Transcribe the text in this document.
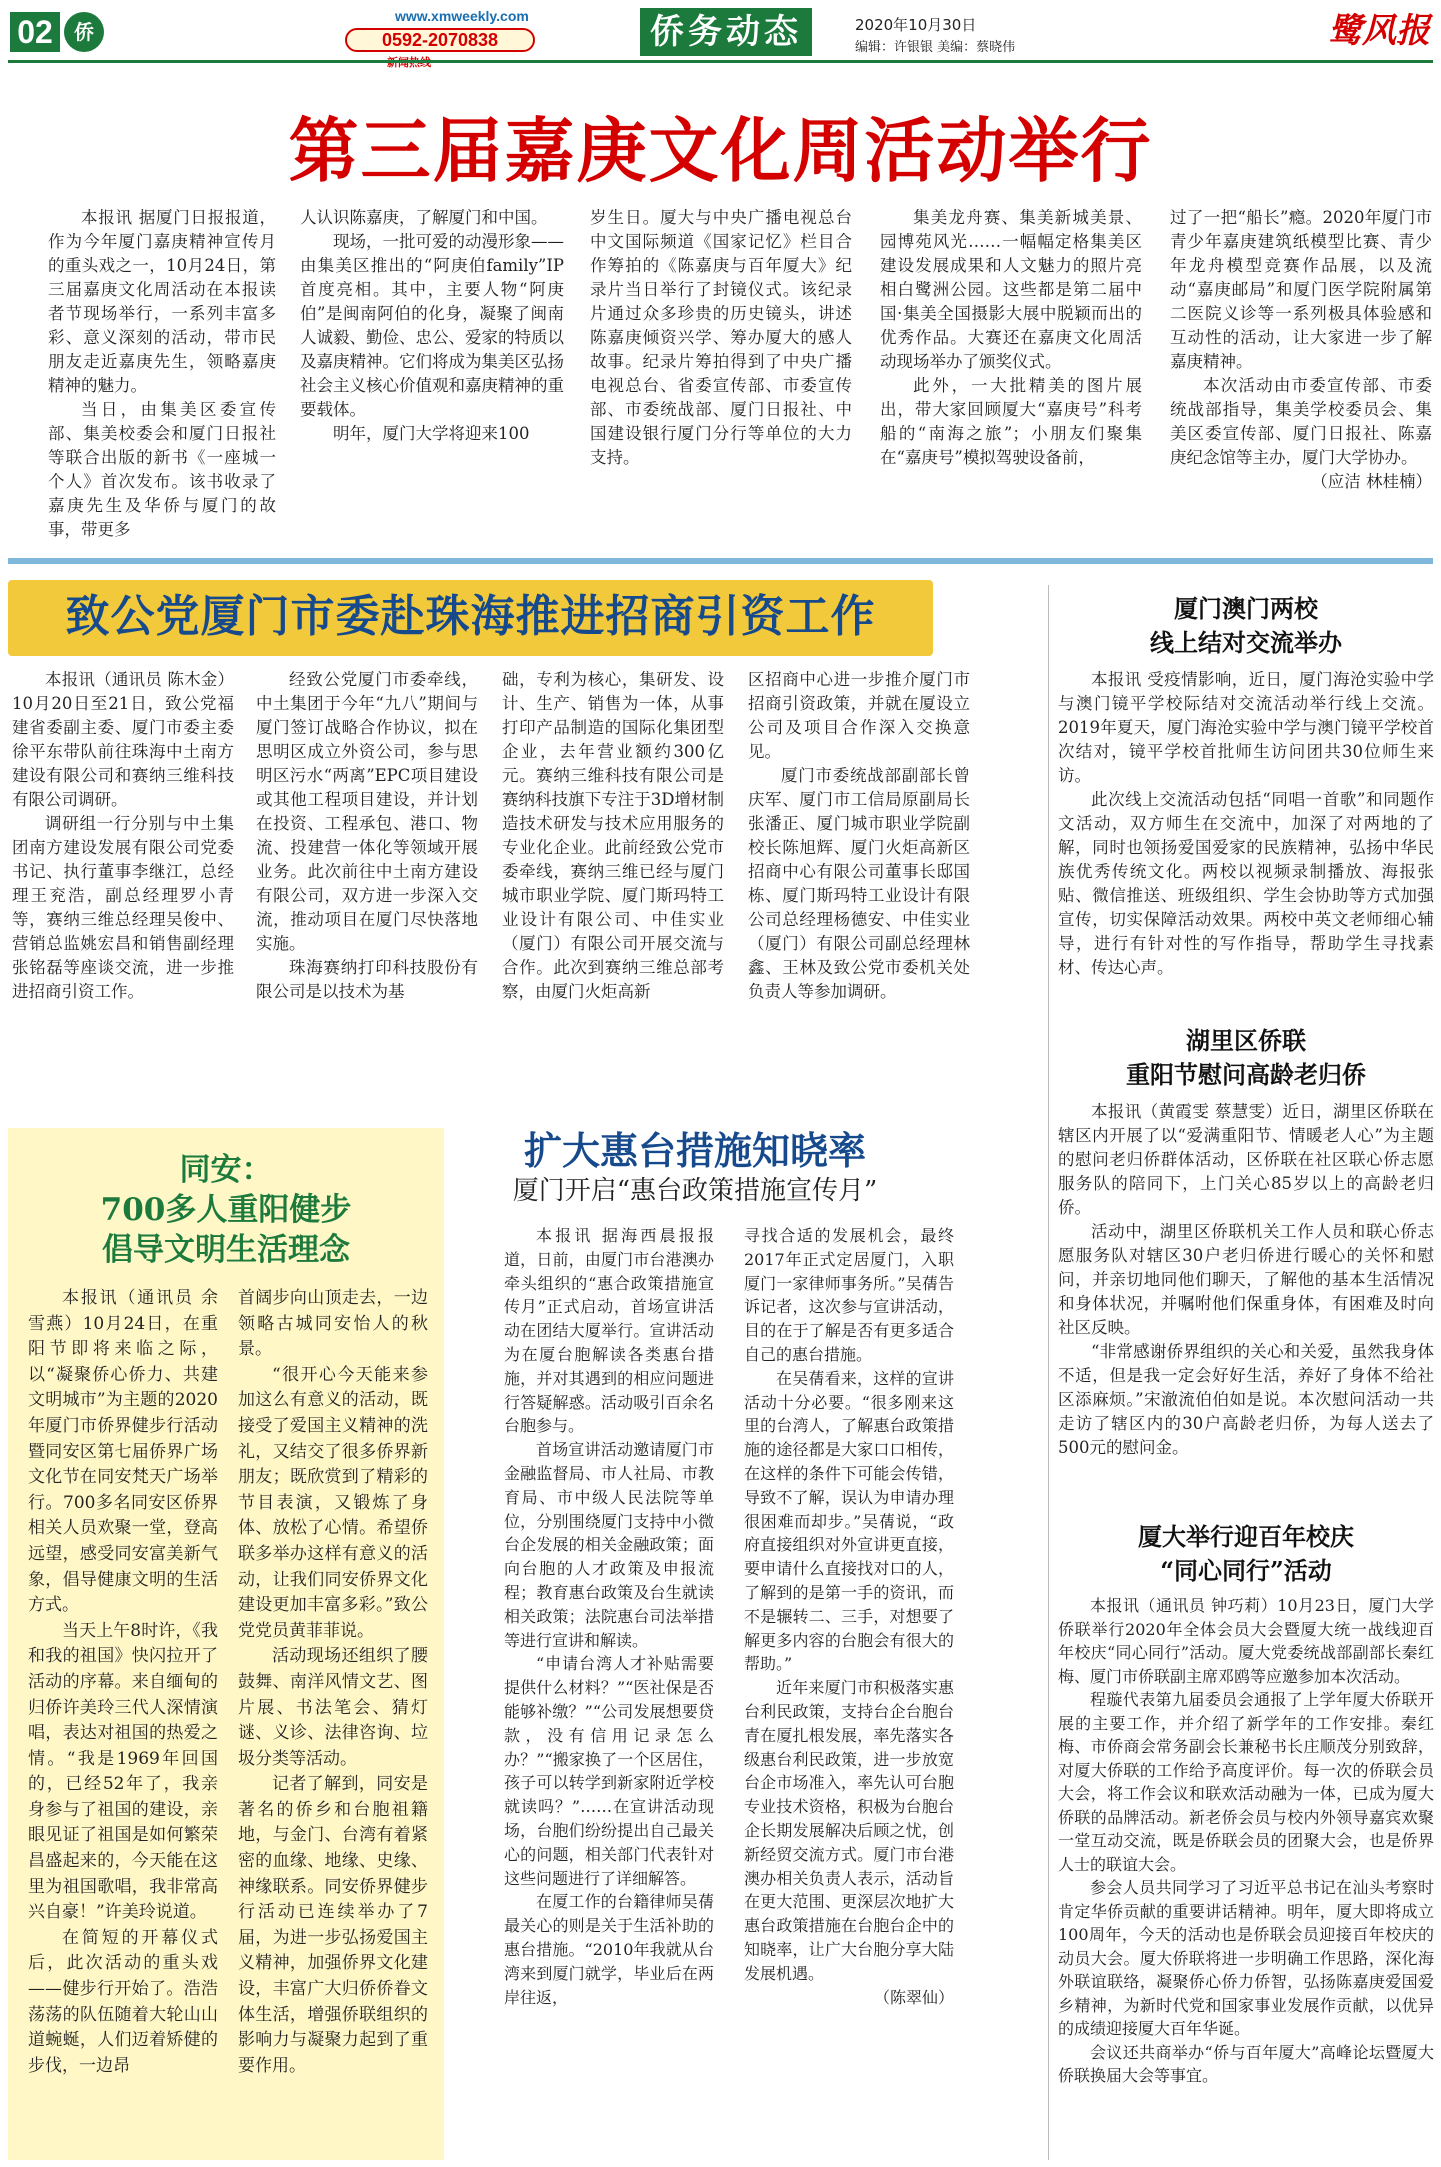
02	侨
www.xmweekly.com
0592-2070838	侨务动态	2020年10月30日
编辑：许银银 美编：蔡晓伟	鹭风报
第三届嘉庚文化周活动举行

本报讯 据厦门日报报道，作为今年厦门嘉庚精神宣传月的重头戏之一，10月24日，第三届嘉庚文化周活动在本报读者节现场举行，一系列丰富多彩、意义深刻的活动，带市民朋友走近嘉庚先生，领略嘉庚精神的魅力。

当日，由集美区委宣传部、集美校委会和厦门日报社等联合出版的新书《一座城一个人》首次发布。该书收录了嘉庚先生及华侨与厦门的故事，带更多

人认识陈嘉庚，了解厦门和中国。

现场，一批可爱的动漫形象——由集美区推出的“阿庚伯family”IP首度亮相。其中，主要人物“阿庚伯”是闽南阿伯的化身，凝聚了闽南人诚毅、勤俭、忠公、爱家的特质以及嘉庚精神。它们将成为集美区弘扬社会主义核心价值观和嘉庚精神的重要载体。

明年，厦门大学将迎来100

岁生日。厦大与中央广播电视总台中文国际频道《国家记忆》栏目合作筹拍的《陈嘉庚与百年厦大》纪录片当日举行了封镜仪式。该纪录片通过众多珍贵的历史镜头，讲述陈嘉庚倾资兴学、筹办厦大的感人故事。纪录片筹拍得到了中央广播电视总台、省委宣传部、市委宣传部、市委统战部、厦门日报社、中国建设银行厦门分行等单位的大力支持。

集美龙舟赛、集美新城美景、园博苑风光……一幅幅定格集美区建设发展成果和人文魅力的照片亮相白鹭洲公园。这些都是第二届中国·集美全国摄影大展中脱颖而出的优秀作品。大赛还在嘉庚文化周活动现场举办了颁奖仪式。

此外，一大批精美的图片展出，带大家回顾厦大“嘉庚号”科考船的“南海之旅”；小朋友们聚集在“嘉庚号”模拟驾驶设备前，

过了一把“船长”瘾。2020年厦门市青少年嘉庚建筑纸模型比赛、青少年龙舟模型竞赛作品展，以及流动“嘉庚邮局”和厦门医学院附属第二医院义诊等一系列极具体验感和互动性的活动，让大家进一步了解嘉庚精神。

本次活动由市委宣传部、市委统战部指导，集美学校委员会、集美区委宣传部、厦门日报社、陈嘉庚纪念馆等主办，厦门大学协办。

（应洁 林桂楠）
致公党厦门市委赴珠海推进招商引资工作

本报讯（通讯员 陈木金）10月20日至21日，致公党福建省委副主委、厦门市委主委徐平东带队前往珠海中土南方建设有限公司和赛纳三维科技有限公司调研。

调研组一行分别与中土集团南方建设发展有限公司党委书记、执行董事李继江，总经理王兖浩，副总经理罗小青等，赛纳三维总经理吴俊中、营销总监姚宏昌和销售副经理张铭磊等座谈交流，进一步推进招商引资工作。

经致公党厦门市委牵线，中土集团于今年“九八”期间与厦门签订战略合作协议，拟在思明区成立外资公司，参与思明区污水“两离”EPC项目建设或其他工程项目建设，并计划在投资、工程承包、港口、物流、投建营一体化等领域开展业务。此次前往中土南方建设有限公司，双方进一步深入交流，推动项目在厦门尽快落地实施。

珠海赛纳打印科技股份有限公司是以技术为基

础，专利为核心，集研发、设计、生产、销售为一体，从事打印产品制造的国际化集团型企业，去年营业额约300亿元。赛纳三维科技有限公司是赛纳科技旗下专注于3D增材制造技术研发与技术应用服务的专业化企业。此前经致公党市委牵线，赛纳三维已经与厦门城市职业学院、厦门斯玛特工业设计有限公司、中佳实业（厦门）有限公司开展交流与合作。此次到赛纳三维总部考察，由厦门火炬高新

区招商中心进一步推介厦门市招商引资政策，并就在厦设立公司及项目合作深入交换意见。

厦门市委统战部副部长曾庆军、厦门市工信局原副局长张潘正、厦门城市职业学院副校长陈旭辉、厦门火炬高新区招商中心有限公司董事长邸国栋、厦门斯玛特工业设计有限公司总经理杨德安、中佳实业（厦门）有限公司副总经理林鑫、王林及致公党市委机关处负责人等参加调研。

厦门澳门两校
线上结对交流举办

本报讯 受疫情影响，近日，厦门海沧实验中学与澳门镜平学校际结对交流活动举行线上交流。2019年夏天，厦门海沧实验中学与澳门镜平学校首次结对，镜平学校首批师生访问团共30位师生来访。

此次线上交流活动包括“同唱一首歌”和同题作文活动，双方师生在交流中，加深了对两地的了解，同时也领扬爱国爱家的民族精神，弘扬中华民族优秀传统文化。两校以视频录制播放、海报张贴、微信推送、班级组织、学生会协助等方式加强宣传，切实保障活动效果。两校中英文老师细心辅导，进行有针对性的写作指导，帮助学生寻找素材、传达心声。

湖里区侨联
重阳节慰问高龄老归侨

本报讯（黄霞雯 蔡慧雯）近日，湖里区侨联在辖区内开展了以“爱满重阳节、情暖老人心”为主题的慰问老归侨群体活动，区侨联在社区联心侨志愿服务队的陪同下，上门关心85岁以上的高龄老归侨。

活动中，湖里区侨联机关工作人员和联心侨志愿服务队对辖区30户老归侨进行暖心的关怀和慰问，并亲切地同他们聊天，了解他的基本生活情况和身体状况，并嘱咐他们保重身体，有困难及时向社区反映。

“非常感谢侨界组织的关心和关爱，虽然我身体不适，但是我一定会好好生活，养好了身体不给社区添麻烦。”宋澈流伯伯如是说。本次慰问活动一共走访了辖区内的30户高龄老归侨，为每人送去了500元的慰问金。

厦大举行迎百年校庆
“同心同行”活动

本报讯（通讯员 钟巧莉）10月23日，厦门大学侨联举行2020年全体会员大会暨厦大统一战线迎百年校庆“同心同行”活动。厦大党委统战部副部长秦红梅、厦门市侨联副主席邓鸥等应邀参加本次活动。

程璇代表第九届委员会通报了上学年厦大侨联开展的主要工作，并介绍了新学年的工作安排。秦红梅、市侨商会常务副会长兼秘书长庄顺茂分别致辞，对厦大侨联的工作给予高度评价。每一次的侨联会员大会，将工作会议和联欢活动融为一体，已成为厦大侨联的品牌活动。新老侨会员与校内外领导嘉宾欢聚一堂互动交流，既是侨联会员的团聚大会，也是侨界人士的联谊大会。

参会人员共同学习了习近平总书记在汕头考察时肯定华侨贡献的重要讲话精神。明年，厦大即将成立100周年，今天的活动也是侨联会员迎接百年校庆的动员大会。厦大侨联将进一步明确工作思路，深化海外联谊联络，凝聚侨心侨力侨智，弘扬陈嘉庚爱国爱乡精神，为新时代党和国家事业发展作贡献，以优异的成绩迎接厦大百年华诞。

会议还共商举办“侨与百年厦大”高峰论坛暨厦大侨联换届大会等事宜。

同安：
700多人重阳健步
倡导文明生活理念

本报讯（通讯员 余雪燕）10月24日，在重阳节即将来临之际，以“凝聚侨心侨力、共建文明城市”为主题的2020年厦门市侨界健步行活动暨同安区第七届侨界广场文化节在同安梵天广场举行。700多名同安区侨界相关人员欢聚一堂，登高远望，感受同安富美新气象，倡导健康文明的生活方式。

当天上午8时许，《我和我的祖国》快闪拉开了活动的序幕。来自缅甸的归侨许美玲三代人深情演唱，表达对祖国的热爱之情。“我是1969年回国的，已经52年了，我亲身参与了祖国的建设，亲眼见证了祖国是如何繁荣昌盛起来的，今天能在这里为祖国歌唱，我非常高兴自豪！”许美玲说道。

在简短的开幕仪式后，此次活动的重头戏——健步行开始了。浩浩荡荡的队伍随着大轮山山道蜿蜒，人们迈着矫健的步伐，一边昂

首阔步向山顶走去，一边领略古城同安怡人的秋景。

“很开心今天能来参加这么有意义的活动，既接受了爱国主义精神的洗礼，又结交了很多侨界新朋友；既欣赏到了精彩的节目表演，又锻炼了身体、放松了心情。希望侨联多举办这样有意义的活动，让我们同安侨界文化建设更加丰富多彩。”致公党党员黄菲菲说。

活动现场还组织了腰鼓舞、南洋风情文艺、图片展、书法笔会、猜灯谜、义诊、法律咨询、垃圾分类等活动。

记者了解到，同安是著名的侨乡和台胞祖籍地，与金门、台湾有着紧密的血缘、地缘、史缘、神缘联系。同安侨界健步行活动已连续举办了7届，为进一步弘扬爱国主义精神，加强侨界文化建设，丰富广大归侨侨眷文体生活，增强侨联组织的影响力与凝聚力起到了重要作用。

扩大惠台措施知晓率
厦门开启“惠台政策措施宣传月”

本报讯 据海西晨报报道，日前，由厦门市台港澳办牵头组织的“惠合政策措施宣传月”正式启动，首场宣讲活动在团结大厦举行。宣讲活动为在厦台胞解读各类惠台措施，并对其遇到的相应问题进行答疑解惑。活动吸引百余名台胞参与。

首场宣讲活动邀请厦门市金融监督局、市人社局、市教育局、市中级人民法院等单位，分别围绕厦门支持中小微台企发展的相关金融政策；面向台胞的人才政策及申报流程；教育惠台政策及台生就读相关政策；法院惠台司法举措等进行宣讲和解读。

“申请台湾人才补贴需要提供什么材料？”“医社保是否能够补缴？”“公司发展想要贷款，没有信用记录怎么办？”“搬家换了一个区居住，孩子可以转学到新家附近学校就读吗？”……在宣讲活动现场，台胞们纷纷提出自己最关心的问题，相关部门代表针对这些问题进行了详细解答。

在厦工作的台籍律师吴蒨最关心的则是关于生活补助的惠台措施。“2010年我就从台湾来到厦门就学，毕业后在两岸往返，

寻找合适的发展机会，最终2017年正式定居厦门，入职厦门一家律师事务所。”吴蒨告诉记者，这次参与宣讲活动，目的在于了解是否有更多适合自己的惠台措施。

在吴蒨看来，这样的宣讲活动十分必要。“很多刚来这里的台湾人，了解惠台政策措施的途径都是大家口口相传，在这样的条件下可能会传错，导致不了解，误认为申请办理很困难而却步。”吴蒨说，“政府直接组织对外宣讲更直接，要申请什么直接找对口的人，了解到的是第一手的资讯，而不是辗转二、三手，对想要了解更多内容的台胞会有很大的帮助。”

近年来厦门市积极落实惠台利民政策，支持台企台胞台青在厦扎根发展，率先落实各级惠台利民政策，进一步放宽台企市场准入，率先认可台胞专业技术资格，积极为台胞台企长期发展解决后顾之忧，创新经贸交流方式。厦门市台港澳办相关负责人表示，活动旨在更大范围、更深层次地扩大惠台政策措施在台胞台企中的知晓率，让广大台胞分享大陆发展机遇。

（陈翠仙）
